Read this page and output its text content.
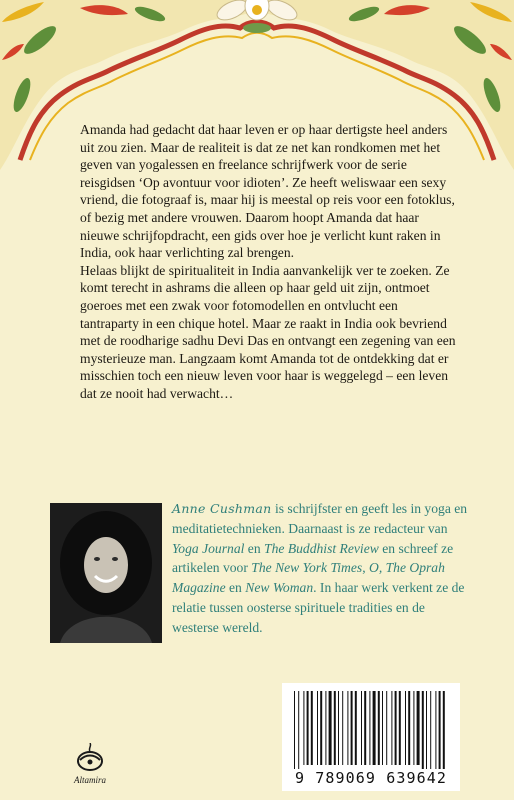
Amanda had gedacht dat haar leven er op haar dertigste heel anders uit zou zien. Maar de realiteit is dat ze net kan rondkomen met het geven van yogalessen en freelance schrijfwerk voor de serie reisgidsen ‘Op avontuur voor idioten’. Ze heeft weliswaar een sexy vriend, die fotograaf is, maar hij is meestal op reis voor een fotoklus, of bezig met andere vrouwen. Daarom hoopt Amanda dat haar nieuwe schrijfopdracht, een gids over hoe je verlicht kunt raken in India, ook haar verlichting zal brengen.

Helaas blijkt de spiritualiteit in India aanvankelijk ver te zoeken. Ze komt terecht in ashrams die alleen op haar geld uit zijn, ontmoet goeroes met een zwak voor fotomodellen en ontvlucht een tantraparty in een chique hotel. Maar ze raakt in India ook bevriend met de roodharige sadhu Devi Das en ontvangt een zegening van een mysterieuze man. Langzaam komt Amanda tot de ontdekking dat er misschien toch een nieuw leven voor haar is weggelegd – een leven dat ze nooit had verwacht…

Anne Cushman is schrijfster en geeft les in yoga en meditatietechnieken. Daarnaast is ze redacteur van Yoga Journal en The Buddhist Review en schreef ze artikelen voor The New York Times, O, The Oprah Magazine en New Woman. In haar werk verkent ze de relatie tussen oosterse spirituele tradities en de westerse wereld.

Altamira	9 789069 639642
